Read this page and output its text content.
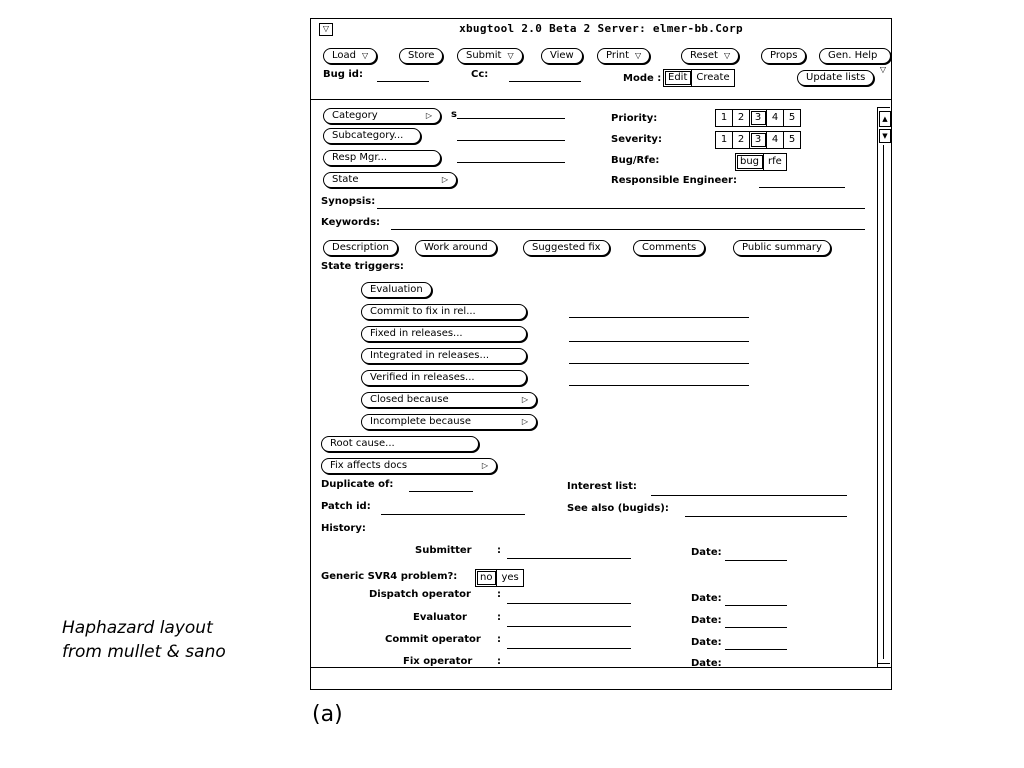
▽	xbugtool 2.0 Beta 2 Server: elmer-bb.Corp
Load ▽	Store	Submit ▽	View	Print ▽	Reset ▽	Props	Gen. Help
▽
Bug id:	Cc:	Mode : Edit Create	Update lists
Category	▷ s
Subcategory...
Resp Mgr...
State	▷
Priority:	1	2	3	4	5
Severity:	1	2	3	4	5
Bug/Rfe:	bug rfe
Responsible Engineer:
Synopsis:
Keywords:
Description	Work around	Suggested fix	Comments	Public summary
State triggers:
Evaluation
Commit to fix in rel...
Fixed in releases...
Integrated in releases...
Verified in releases...
Closed because	▷
Incomplete because	▷
Root cause...
Fix affects docs	▷
Duplicate of:	Interest list:
Patch id:	See also (bugids):
History:
Submitter	:	Date:
Generic SVR4 problem?:	no yes
Dispatch operator	:	Date:
Evaluator	:	Date:
Commit operator :	Date:
Fix operator :	Date:
▲
▼
Haphazard layout
from mullet & sano
(a)
